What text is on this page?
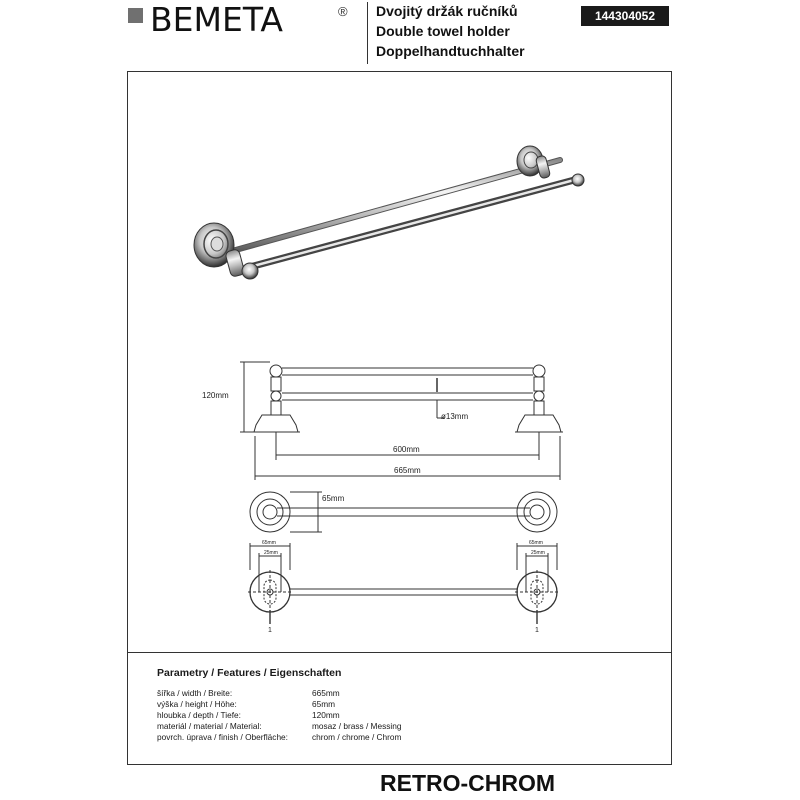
BEMETA	® Dvojitý držák ručníků
Double towel holder
Doppelhandtuchhalter
144304052
120mm
ø13mm
600mm
665mm
65mm
65mm
25mm
65mm
25mm
1	1
Parametry / Features / Eigenschaften
šířka / width / Breite:	665mm
výška / height / Höhe:	65mm
hloubka / depth / Tiefe:	120mm
materiál / material / Material:	mosaz / brass / Messing
povrch. úprava / finish / Oberfläche:	chrom / chrome / Chrom
RETRO-CHROM
